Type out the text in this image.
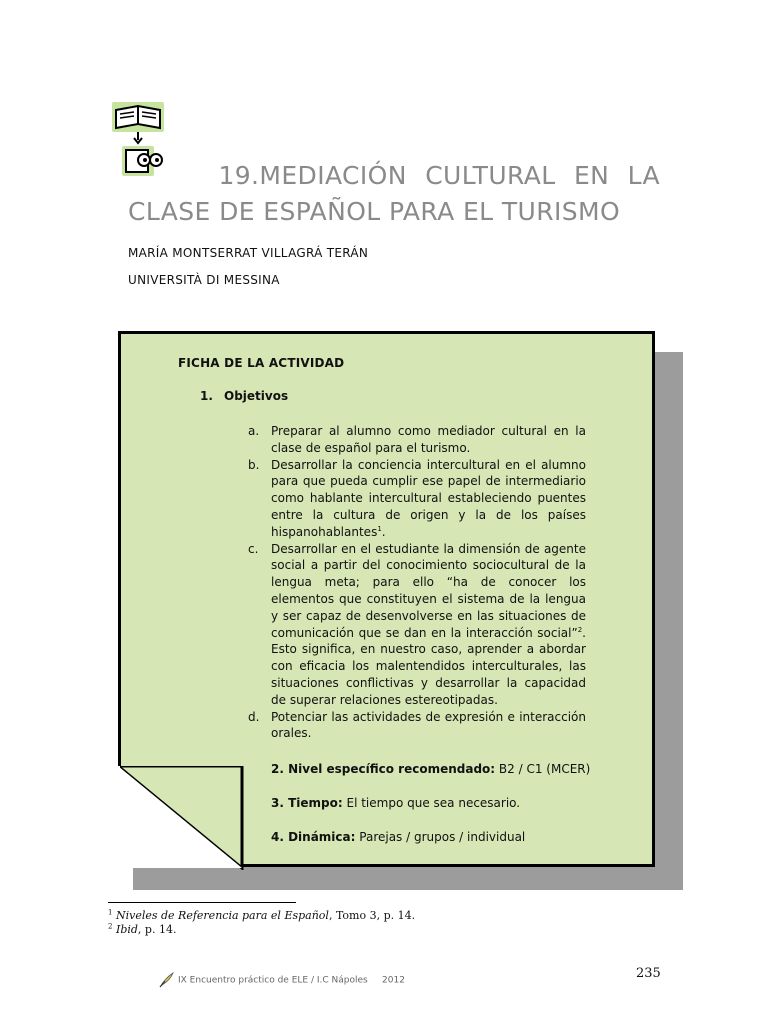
19.MEDIACIÓN CULTURAL EN LA
CLASE DE ESPAÑOL PARA EL TURISMO
MARÍA MONTSERRAT VILLAGRÁ TERÁN
UNIVERSITÀ DI MESSINA
FICHA DE LA ACTIVIDAD
1. Objetivos
a. Preparar al alumno como mediador cultural en la clase de español para el turismo.
b. Desarrollar la conciencia intercultural en el alumno para que pueda cumplir ese papel de intermediario como hablante intercultural estableciendo puentes entre la cultura de origen y la de los países hispanohablantes$^1$.
c.	Desarrollar en el estudiante la dimensión de agente social a partir del conocimiento sociocultural de la lengua meta; para ello “ha de conocer los elementos que constituyen el sistema de la lengua y ser capaz de desenvolverse en las situaciones de comunicación que se dan en la interacción social”$^2$. Esto significa, en nuestro caso, aprender a abordar con eficacia los malentendidos interculturales, las situaciones conflictivas y desarrollar la capacidad de superar relaciones estereotipadas.
d. Potenciar las actividades de expresión e interacción orales.
2. Nivel específico recomendado: B2 / C1 (MCER)
3. Tiempo: El tiempo que sea necesario.
4. Dinámica: Parejas / grupos / individual
$^1$ Niveles de Referencia para el Español, Tomo 3, p. 14.
$^2$ Ibid, p. 14.
IX Encuentro práctico de ELE / I.C Nápoles 2012	235
